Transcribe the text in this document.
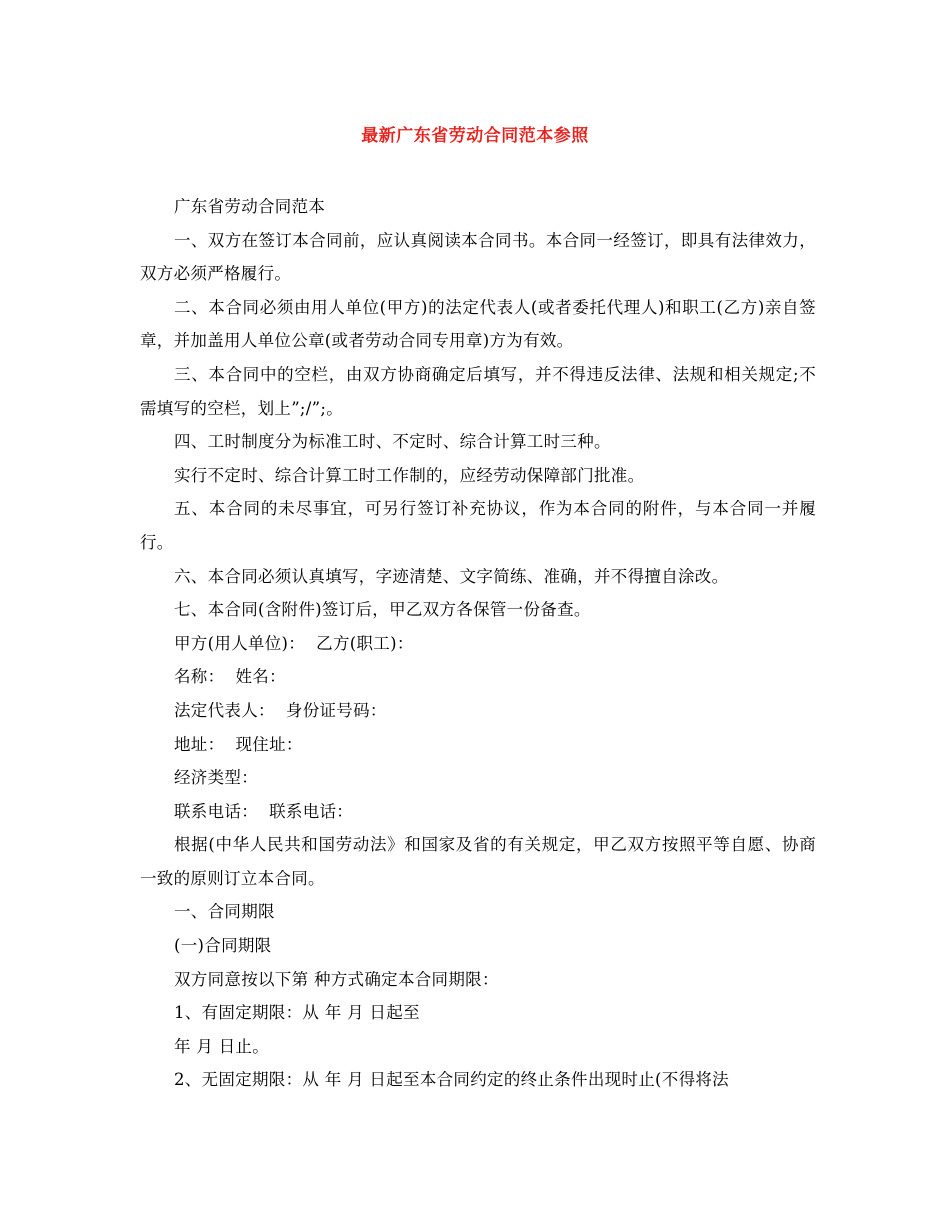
最新广东省劳动合同范本参照

广东省劳动合同范本

一、双方在签订本合同前，应认真阅读本合同书。本合同一经签订，即具有法律效力，双方必须严格履行。

二、本合同必须由用人单位(甲方)的法定代表人(或者委托代理人)和职工(乙方)亲自签章，并加盖用人单位公章(或者劳动合同专用章)方为有效。

三、本合同中的空栏，由双方协商确定后填写，并不得违反法律、法规和相关规定;不需填写的空栏，划上”;/”;。

四、工时制度分为标准工时、不定时、综合计算工时三种。

实行不定时、综合计算工时工作制的，应经劳动保障部门批准。

五、本合同的未尽事宜，可另行签订补充协议，作为本合同的附件，与本合同一并履行。

六、本合同必须认真填写，字迹清楚、文字简练、准确，并不得擅自涂改。

七、本合同(含附件)签订后，甲乙双方各保管一份备查。

甲方(用人单位)：  乙方(职工)：

名称：  姓名：

法定代表人：  身份证号码：

地址：  现住址：

经济类型：

联系电话：  联系电话：

根据(中华人民共和国劳动法》和国家及省的有关规定，甲乙双方按照平等自愿、协商一致的原则订立本合同。

一、合同期限

(一)合同期限

双方同意按以下第 种方式确定本合同期限：

1、有固定期限：从 年 月 日起至

年 月 日止。

2、无固定期限：从 年 月 日起至本合同约定的终止条件出现时止(不得将法
